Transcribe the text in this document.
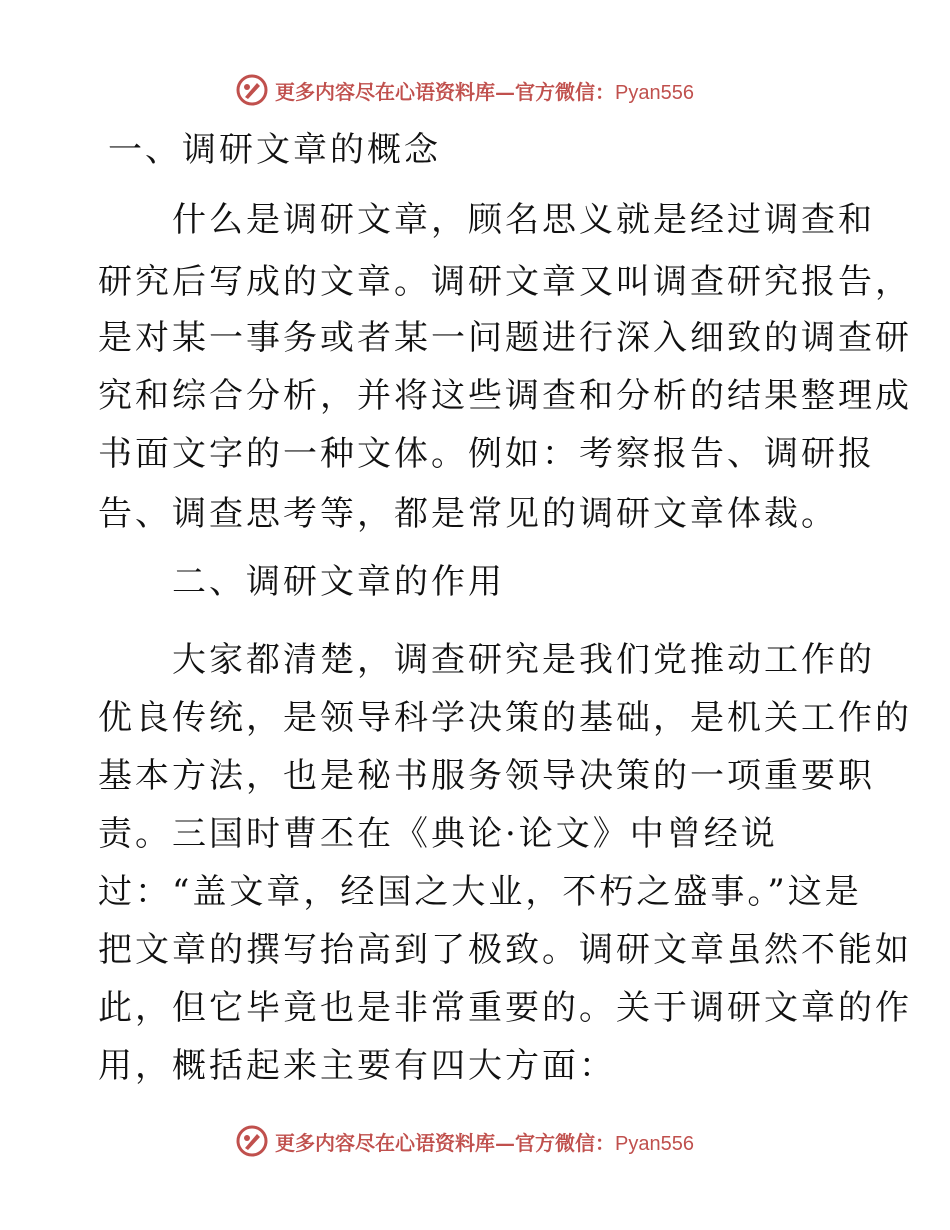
更多内容尽在心语资料库—官方微信：Pyan556
一、调研文章的概念
　　什么是调研文章，顾名思义就是经过调查和
研究后写成的文章。调研文章又叫调查研究报告，
是对某一事务或者某一问题进行深入细致的调查研
究和综合分析，并将这些调查和分析的结果整理成
书面文字的一种文体。例如：考察报告、调研报
告、调查思考等，都是常见的调研文章体裁。
　　二、调研文章的作用
　　大家都清楚，调查研究是我们党推动工作的
优良传统，是领导科学决策的基础，是机关工作的
基本方法，也是秘书服务领导决策的一项重要职
责。三国时曹丕在《典论·论文》中曾经说
过：“盖文章，经国之大业，不朽之盛事。”这是
把文章的撰写抬高到了极致。调研文章虽然不能如
此，但它毕竟也是非常重要的。关于调研文章的作
用，概括起来主要有四大方面：
更多内容尽在心语资料库—官方微信：Pyan556
